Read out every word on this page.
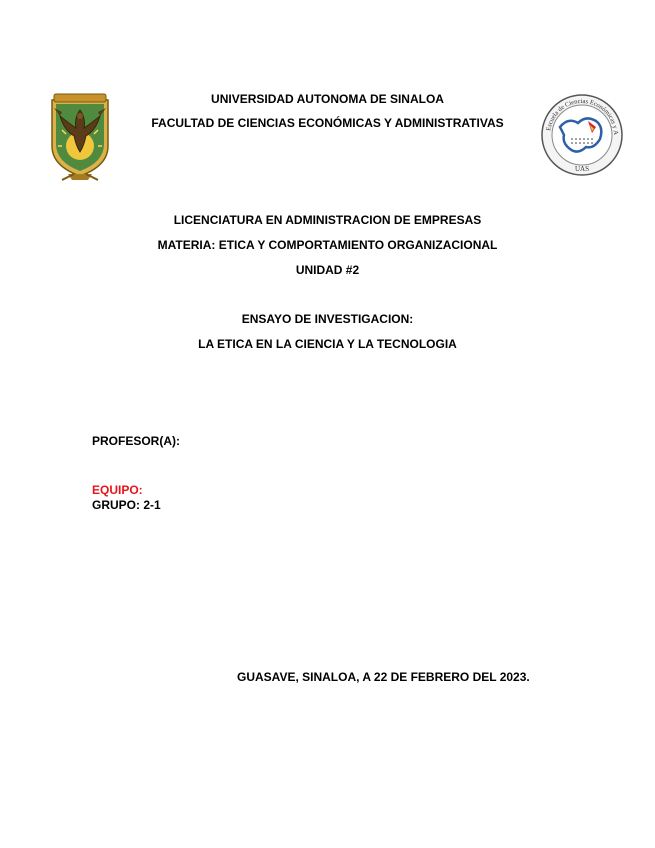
Escuela de Ciencias Económicas y A
UAS
UNIVERSIDAD AUTONOMA DE SINALOA
FACULTAD DE CIENCIAS ECONÓMICAS Y ADMINISTRATIVAS
LICENCIATURA EN ADMINISTRACION DE EMPRESAS
MATERIA: ETICA Y COMPORTAMIENTO ORGANIZACIONAL
UNIDAD #2
ENSAYO DE INVESTIGACION:
LA ETICA EN LA CIENCIA Y LA TECNOLOGIA
PROFESOR(A):
EQUIPO:
GRUPO: 2-1
GUASAVE, SINALOA, A 22 DE FEBRERO DEL 2023.
